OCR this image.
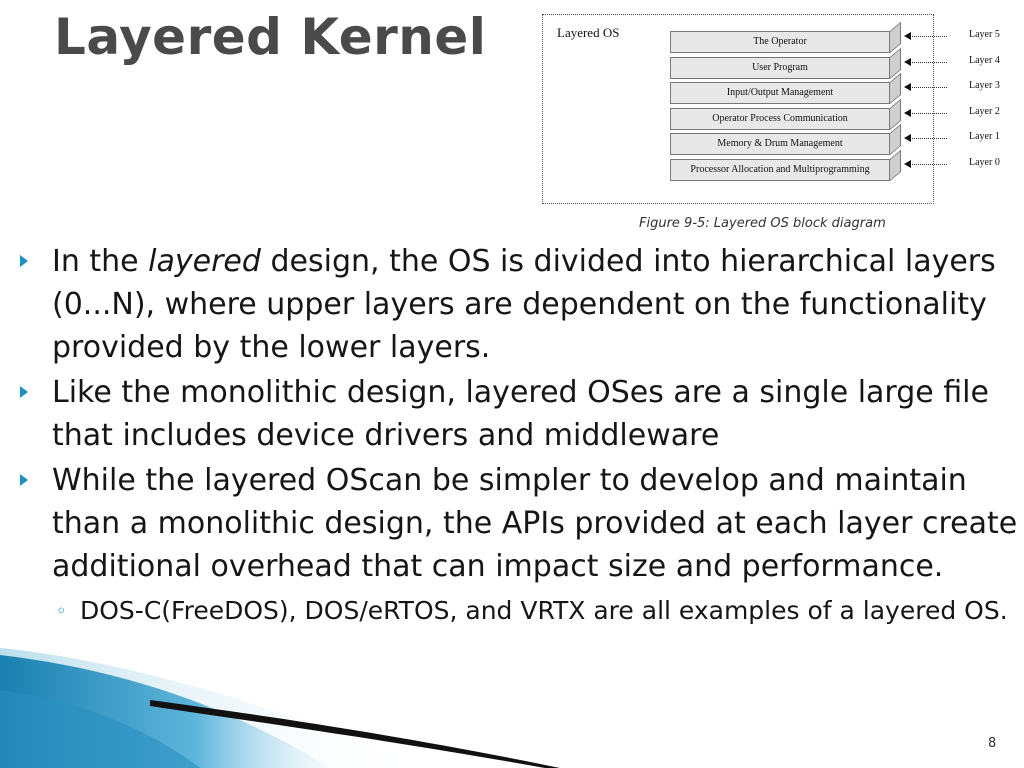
Layered Kernel	Layered OS
The Operator
Layer 5
User Program
Layer 4
Input/Output Management
Layer 3
Operator Process Communication
Layer 2
Memory & Drum Management
Layer 1
Processor Allocation and Multiprogramming
Layer 0
Figure 9-5: Layered OS block diagram
In the layered design, the OS is divided into hierarchical layers (0...N), where upper layers are dependent on the functionality provided by the lower layers.
Like the monolithic design, layered OSes are a single large file that includes device drivers and middleware
While the layered OScan be simpler to develop and maintain than a monolithic design, the APIs provided at each layer create additional overhead that can impact size and performance.
◦ DOS-C(FreeDOS), DOS/eRTOS, and VRTX are all examples of a layered OS.
8
